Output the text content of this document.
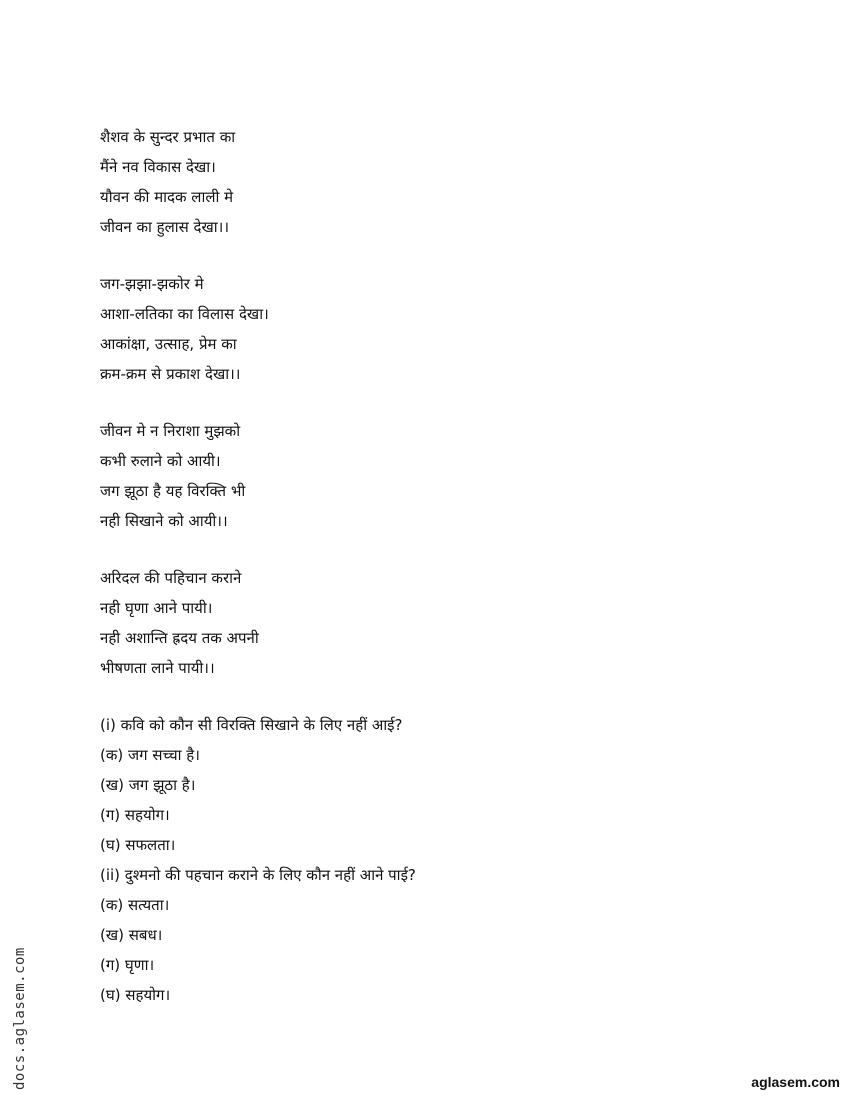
शैशव के सुन्दर प्रभात का
मैंने नव विकास देखा।
यौवन की मादक लाली मे
जीवन का हुलास देखा।।
जग-झझा-झकोर मे
आशा-लतिका का विलास देखा।
आकांक्षा, उत्साह, प्रेम का
क्रम-क्रम से प्रकाश देखा।।
जीवन मे न निराशा मुझको
कभी रुलाने को आयी।
जग झूठा है यह विरक्ति भी
नही सिखाने को आयी।।
अरिदल की पहिचान कराने
नही घृणा आने पायी।
नही अशान्ति ह्रदय तक अपनी
भीषणता लाने पायी।।
(i) कवि को कौन सी विरक्ति सिखाने के लिए नहीं आई?
(क) जग सच्चा है।
(ख) जग झूठा है।
(ग) सहयोग।
(घ) सफलता।
(ii) दुश्मनो की पहचान कराने के लिए कौन नहीं आने पाई?
(क) सत्यता।
(ख) सबध।
(ग) घृणा।
(घ) सहयोग।
docs.aglasem.com	aglasem.com
